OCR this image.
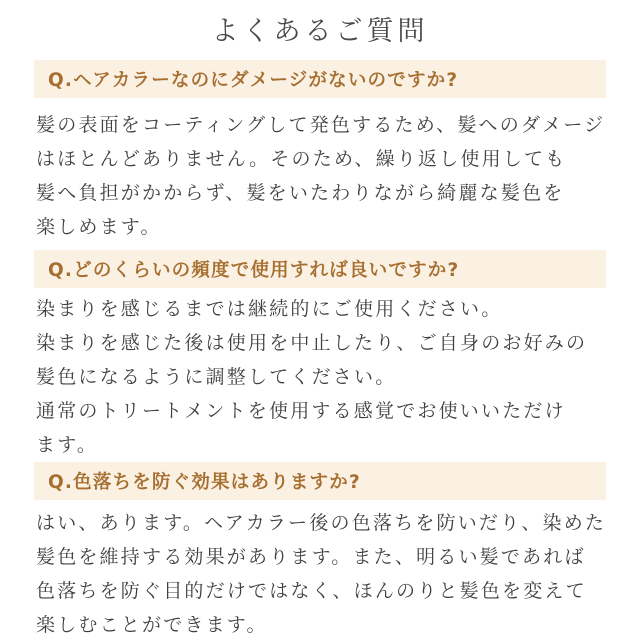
よくあるご質問
Q.ヘアカラーなのにダメージがないのですか?
髪の表面をコーティングして発色するため、髪へのダメージ
はほとんどありません。そのため、繰り返し使用しても
髪へ負担がかからず、髪をいたわりながら綺麗な髪色を
楽しめます。
Q.どのくらいの頻度で使用すれば良いですか?
染まりを感じるまでは継続的にご使用ください。
染まりを感じた後は使用を中止したり、ご自身のお好みの
髪色になるように調整してください。
通常のトリートメントを使用する感覚でお使いいただけ
ます。
Q.色落ちを防ぐ効果はありますか?
はい、あります。ヘアカラー後の色落ちを防いだり、染めた
髪色を維持する効果があります。また、明るい髪であれば
色落ちを防ぐ目的だけではなく、ほんのりと髪色を変えて
楽しむことができます。
